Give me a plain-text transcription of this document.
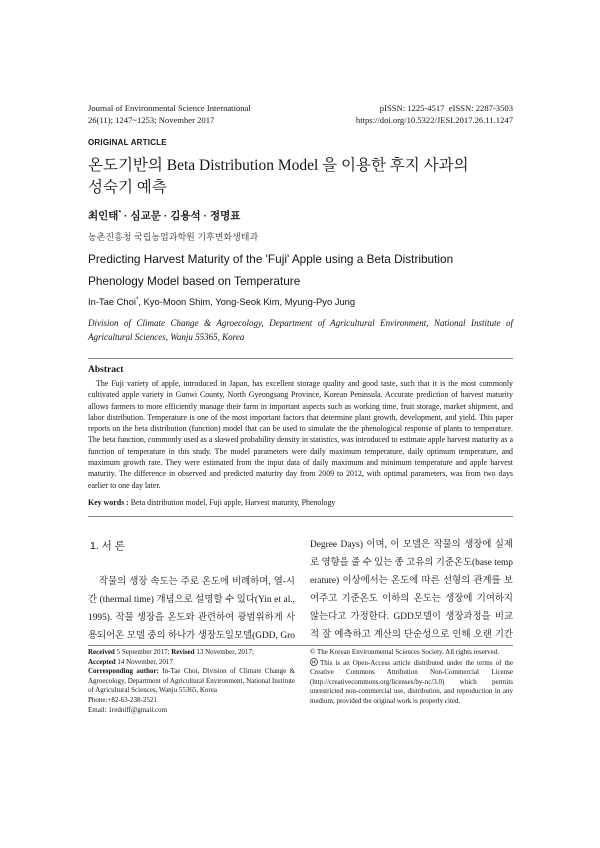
Journal of Environmental Science International
26(11); 1247~1253; November 2017
pISSN: 1225-4517  eISSN: 2287-3503
https://doi.org/10.5322/JESI.2017.26.11.1247
ORIGINAL ARTICLE
온도기반의 Beta Distribution Model 을 이용한 후지 사과의
성숙기 예측
최인태* · 심교문 · 김용석 · 정명표
농촌진흥청 국립농업과학원 기후변화생태과
Predicting Harvest Maturity of the 'Fuji' Apple using a Beta Distribution
Phenology Model based on Temperature
In-Tae Choi*, Kyo-Moon Shim, Yong-Seok Kim, Myung-Pyo Jung
Division of Climate Change & Agroecology, Department of Agricultural Environment, National Institute of Agricultural Sciences, Wanju 55365, Korea
Abstract
The Fuji variety of apple, introduced in Japan, has excellent storage quality and good taste, such that it is the most commonly cultivated apple variety in Gunwi County, North Gyeongsang Province, Korean Peninsula. Accurate prediction of harvest maturity allows farmers to more efficiently manage their farm in important aspects such as working time, fruit storage, market shipment, and labor distribution. Temperature is one of the most important factors that determine plant growth, development, and yield. This paper reports on the beta distribution (function) model that can be used to simulate the the phenological response of plants to temperature. The beta function, commonly used as a skewed probability density in statistics, was introduced to estimate apple harvest maturity as a function of temperature in this study. The model parameters were daily maximum temperature, daily optimum temperature, and maximum growth rate. They were estimated from the input data of daily maximum and minimum temperature and apple harvest maturity. The difference in observed and predicted maturity day from 2009 to 2012, with optimal parameters, was from two days earlier to one day later.
Key words : Beta distribution model, Fuji apple, Harvest maturity, Phenology
1. 서 론
작물의 생장 속도는 주로 온도에 비례하며, 열-시간 (thermal time) 개념으로 설명할 수 있다(Yin et al., 1995). 작물 생장을 온도와 관련하여 광범위하게 사용되어온 모델 중의 하나가 생장도일모델(GDD, Gro
Degree Days) 이며, 이 모델은 작물의 생장에 실제로 영향을 줄 수 있는 종 고유의 기준온도(base temperature) 이상에서는 온도에 따른 선형의 관계를 보여주고 기준온도 이하의 온도는 생장에 기여하지 않는다고 가정한다. GDD모델이 생장과정을 비교적 잘 예측하고 계산의 단순성으로 인해 오랜 기간
Received 5 September 2017; Revised 13 November, 2017;
Accepted 14 November, 2017
Corresponding author: In-Tae Choi, Division of Climate Change & Agroecology, Department of Agricultural Environment, National Institute of Agricultural Sciences, Wanju 55365, Korea
Phone:+82-63-238-2521
Email: 1redniff@gmail.com
© The Korean Environmental Sciences Society. All rights reserved.
This is an Open-Access article distributed under the terms of the Creative Commons Attribution Non-Commercial License (http://creativecommons.org/licenses/by-nc/3.0) which permits unrestricted non-commercial use, distribution, and reproduction in any medium, provided the original work is properly cited.
